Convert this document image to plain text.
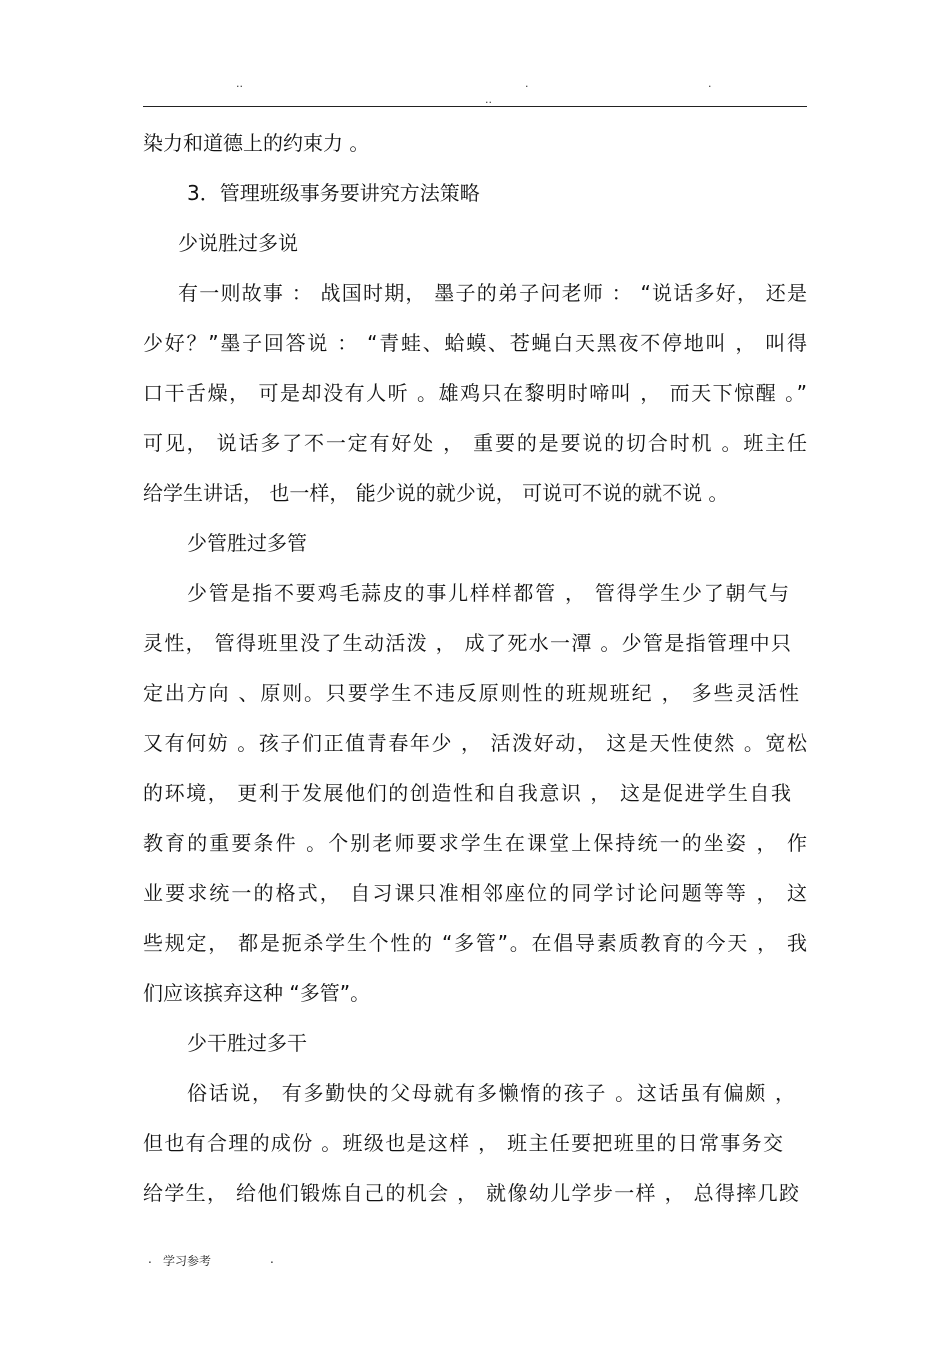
..	.	.
..
染力和道德上的约束力 。
3．管理班级事务要讲究方法策略
少说胜过多说
有一则故事 ： 战国时期， 墨子的弟子问老师 ： “说话多好， 还是
少好？”墨子回答说 ： “青蛙、蛤蟆、苍蝇白天黑夜不停地叫 ， 叫得
口干舌燥， 可是却没有人听 。雄鸡只在黎明时啼叫 ， 而天下惊醒 。”
可见， 说话多了不一定有好处 ， 重要的是要说的切合时机 。班主任
给学生讲话， 也一样， 能少说的就少说， 可说可不说的就不说 。
少管胜过多管
少管是指不要鸡毛蒜皮的事儿样样都管 ， 管得学生少了朝气与
灵性， 管得班里没了生动活泼 ， 成了死水一潭 。少管是指管理中只
定出方向 、原则。只要学生不违反原则性的班规班纪 ， 多些灵活性
又有何妨 。孩子们正值青春年少 ， 活泼好动， 这是天性使然 。宽松
的环境， 更利于发展他们的创造性和自我意识 ， 这是促进学生自我
教育的重要条件 。个别老师要求学生在课堂上保持统一的坐姿 ， 作
业要求统一的格式， 自习课只准相邻座位的同学讨论问题等等 ， 这
些规定， 都是扼杀学生个性的 “多管”。在倡导素质教育的今天 ， 我
们应该摈弃这种 “多管”。
少干胜过多干
俗话说， 有多勤快的父母就有多懒惰的孩子 。这话虽有偏颇 ，
但也有合理的成份 。班级也是这样 ， 班主任要把班里的日常事务交
给学生， 给他们锻炼自己的机会 ， 就像幼儿学步一样 ， 总得摔几跤
. 学习参考	.
